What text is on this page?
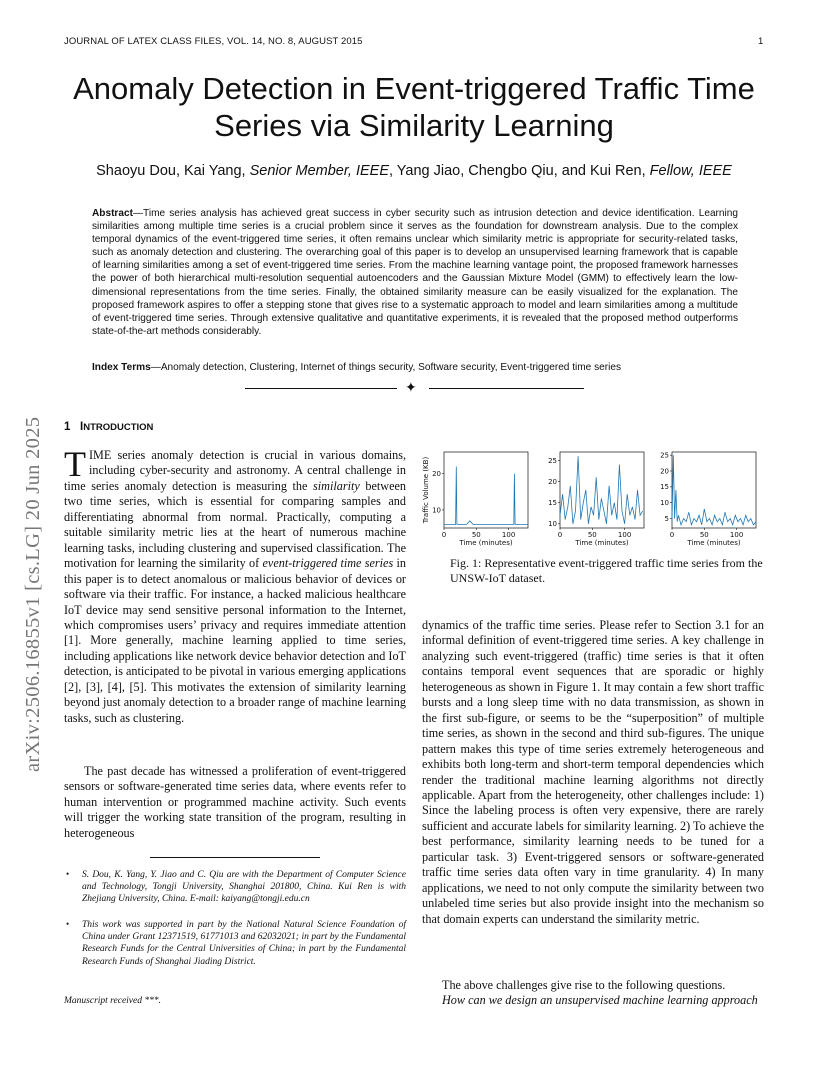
JOURNAL OF LATEX CLASS FILES, VOL. 14, NO. 8, AUGUST 2015	1
Anomaly Detection in Event-triggered Traffic Time Series via Similarity Learning
Shaoyu Dou, Kai Yang, Senior Member, IEEE, Yang Jiao, Chengbo Qiu, and Kui Ren, Fellow, IEEE
Abstract—Time series analysis has achieved great success in cyber security such as intrusion detection and device identification. Learning similarities among multiple time series is a crucial problem since it serves as the foundation for downstream analysis. Due to the complex temporal dynamics of the event-triggered time series, it often remains unclear which similarity metric is appropriate for security-related tasks, such as anomaly detection and clustering. The overarching goal of this paper is to develop an unsupervised learning framework that is capable of learning similarities among a set of event-triggered time series. From the machine learning vantage point, the proposed framework harnesses the power of both hierarchical multi-resolution sequential autoencoders and the Gaussian Mixture Model (GMM) to effectively learn the low-dimensional representations from the time series. Finally, the obtained similarity measure can be easily visualized for the explanation. The proposed framework aspires to offer a stepping stone that gives rise to a systematic approach to model and learn similarities among a multitude of event-triggered time series. Through extensive qualitative and quantitative experiments, it is revealed that the proposed method outperforms state-of-the-art methods considerably.
Index Terms—Anomaly detection, Clustering, Internet of things security, Software security, Event-triggered time series
✦
arXiv:2506.16855v1 [cs.LG] 20 Jun 2025 1 INTRODUCTION
TIME series anomaly detection is crucial in various domains, including cyber-security and astronomy. A central challenge in time series anomaly detection is measuring the similarity between two time series, which is essential for comparing samples and differentiating abnormal from normal. Practically, computing a suitable similarity metric lies at the heart of numerous machine learning tasks, including clustering and supervised classification. The motivation for learning the similarity of event-triggered time series in this paper is to detect anomalous or malicious behavior of devices or software via their traffic. For instance, a hacked malicious healthcare IoT device may send sensitive personal information to the Internet, which compromises users’ privacy and requires immediate attention [1]. More generally, machine learning applied to time series, including applications like network device behavior detection and IoT detection, is anticipated to be pivotal in various emerging applications [2], [3], [4], [5]. This motivates the extension of similarity learning beyond just anomaly detection to a broader range of machine learning tasks, such as clustering.
The past decade has witnessed a proliferation of event-triggered sensors or software-generated time series data, where events refer to human intervention or programmed machine activity. Such events will trigger the working state transition of the program, resulting in heterogeneous
• S. Dou, K. Yang, Y. Jiao and C. Qiu are with the Department of Computer Science and Technology, Tongji University, Shanghai 201800, China. Kui Ren is with Zhejiang University, China. E-mail: kaiyang@tongji.edu.cn
• This work was supported in part by the National Natural Science Foundation of China under Grant 12371519, 61771013 and 62032021; in part by the Fundamental Research Funds for the Central Universities of China; in part by the Fundamental Research Funds of Shanghai Jiading District.
Manuscript received ***.
0	50	100
10
20
Time (minutes)
Traffic Volume (KB)
0	50	100
10
15
20
25
Time (minutes)
0	50	100
5
10
15
20
25
Time (minutes)
Fig. 1: Representative event-triggered traffic time series from the UNSW-IoT dataset.
dynamics of the traffic time series. Please refer to Section 3.1 for an informal definition of event-triggered time series. A key challenge in analyzing such event-triggered (traffic) time series is that it often contains temporal event sequences that are sporadic or highly heterogeneous as shown in Figure 1. It may contain a few short traffic bursts and a long sleep time with no data transmission, as shown in the first sub-figure, or seems to be the “superposition” of multiple time series, as shown in the second and third sub-figures. The unique pattern makes this type of time series extremely heterogeneous and exhibits both long-term and short-term temporal dependencies which render the traditional machine learning algorithms not directly applicable. Apart from the heterogeneity, other challenges include: 1) Since the labeling process is often very expensive, there are rarely sufficient and accurate labels for similarity learning. 2) To achieve the best performance, similarity learning needs to be tuned for a particular task. 3) Event-triggered sensors or software-generated traffic time series data often vary in time granularity. 4) In many applications, we need to not only compute the similarity between two unlabeled time series but also provide insight into the mechanism so that domain experts can understand the similarity metric.
The above challenges give rise to the following questions.
How can we design an unsupervised machine learning approach
